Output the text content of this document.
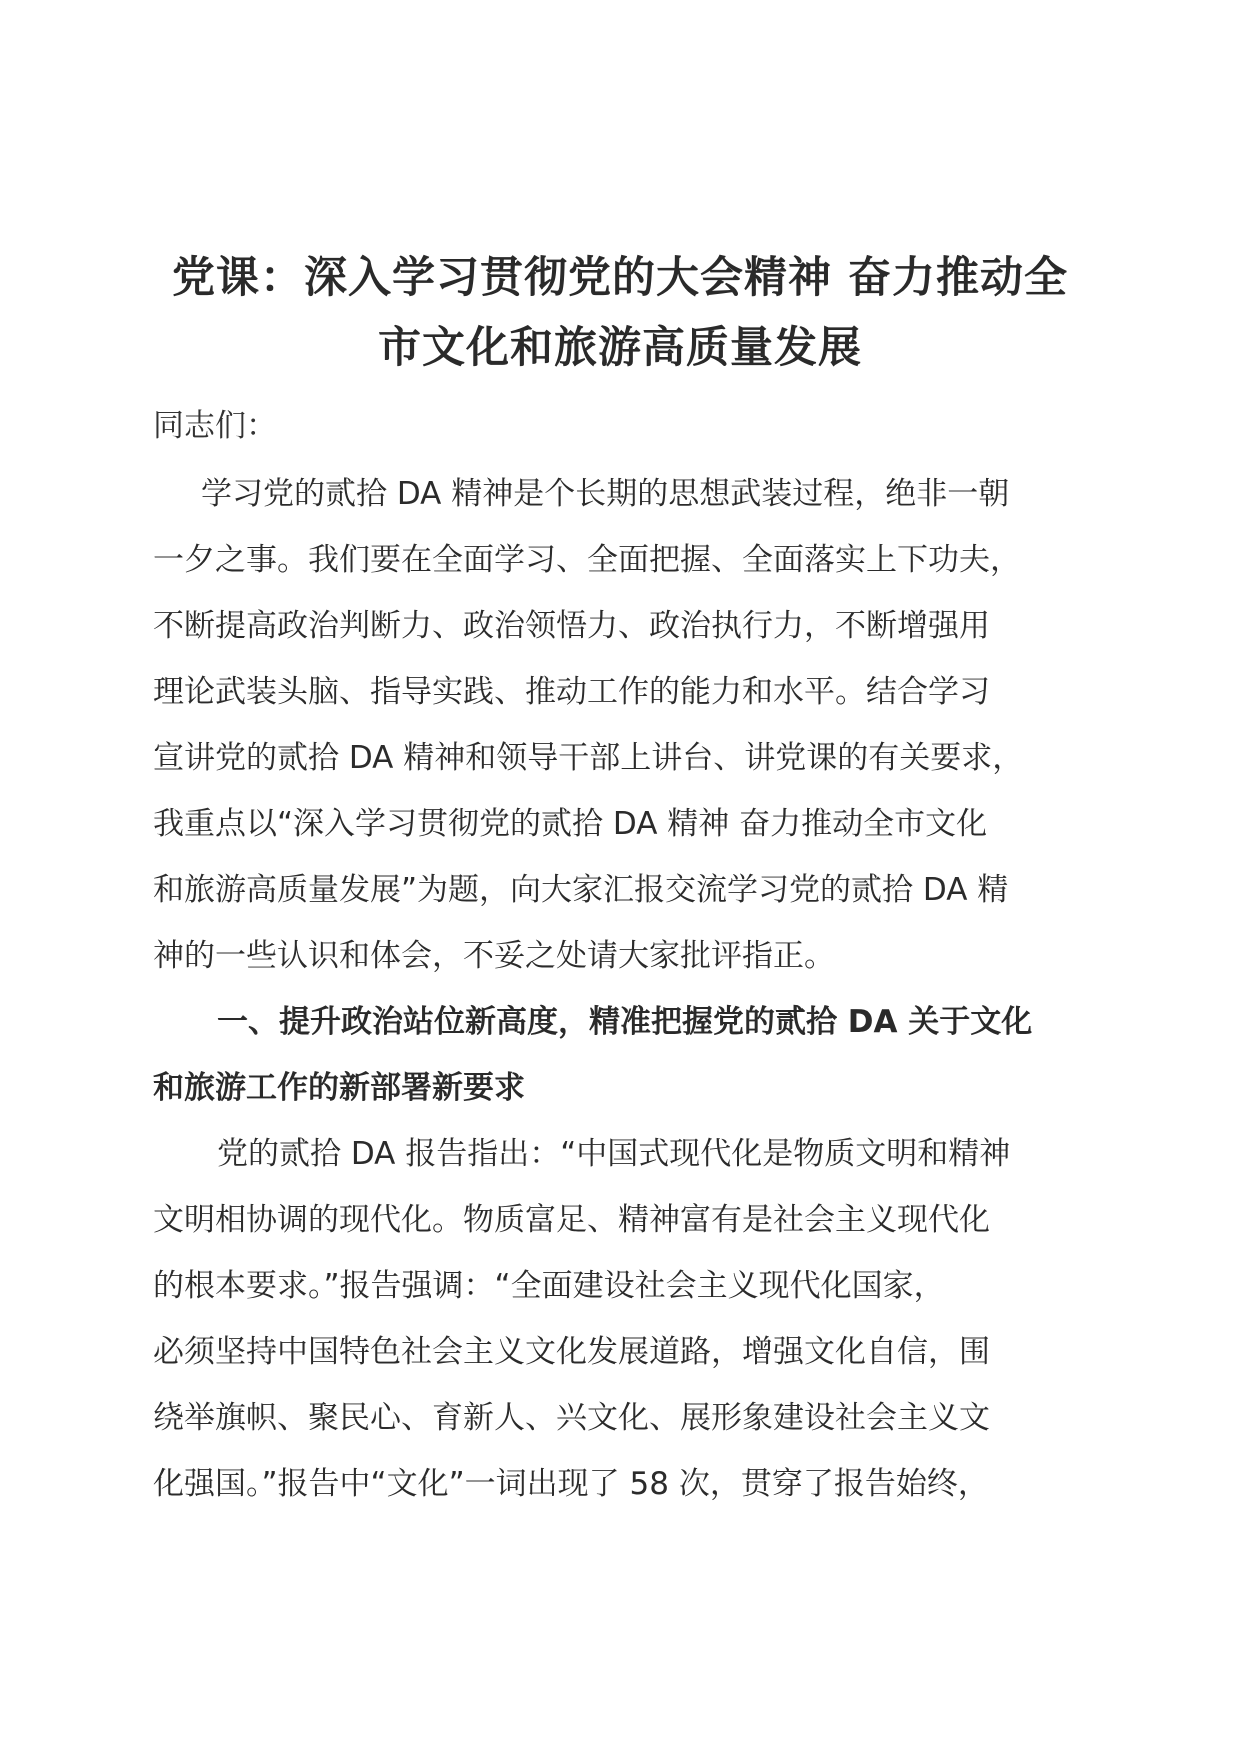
党课：深入学习贯彻党的大会精神 奋力推动全
市文化和旅游高质量发展

同志们：

学习党的贰拾 DA 精神是个长期的思想武装过程，绝非一朝
一夕之事。我们要在全面学习、全面把握、全面落实上下功夫，
不断提高政治判断力、政治领悟力、政治执行力，不断增强用
理论武装头脑、指导实践、推动工作的能力和水平。结合学习
宣讲党的贰拾 DA 精神和领导干部上讲台、讲党课的有关要求，
我重点以“深入学习贯彻党的贰拾 DA 精神 奋力推动全市文化
和旅游高质量发展”为题，向大家汇报交流学习党的贰拾 DA 精
神的一些认识和体会，不妥之处请大家批评指正。

一、提升政治站位新高度，精准把握党的贰拾 DA 关于文化
和旅游工作的新部署新要求

党的贰拾 DA 报告指出：“中国式现代化是物质文明和精神
文明相协调的现代化。物质富足、精神富有是社会主义现代化
的根本要求。”报告强调：“全面建设社会主义现代化国家，
必须坚持中国特色社会主义文化发展道路，增强文化自信，围
绕举旗帜、聚民心、育新人、兴文化、展形象建设社会主义文
化强国。”报告中“文化”一词出现了 58 次，贯穿了报告始终，
